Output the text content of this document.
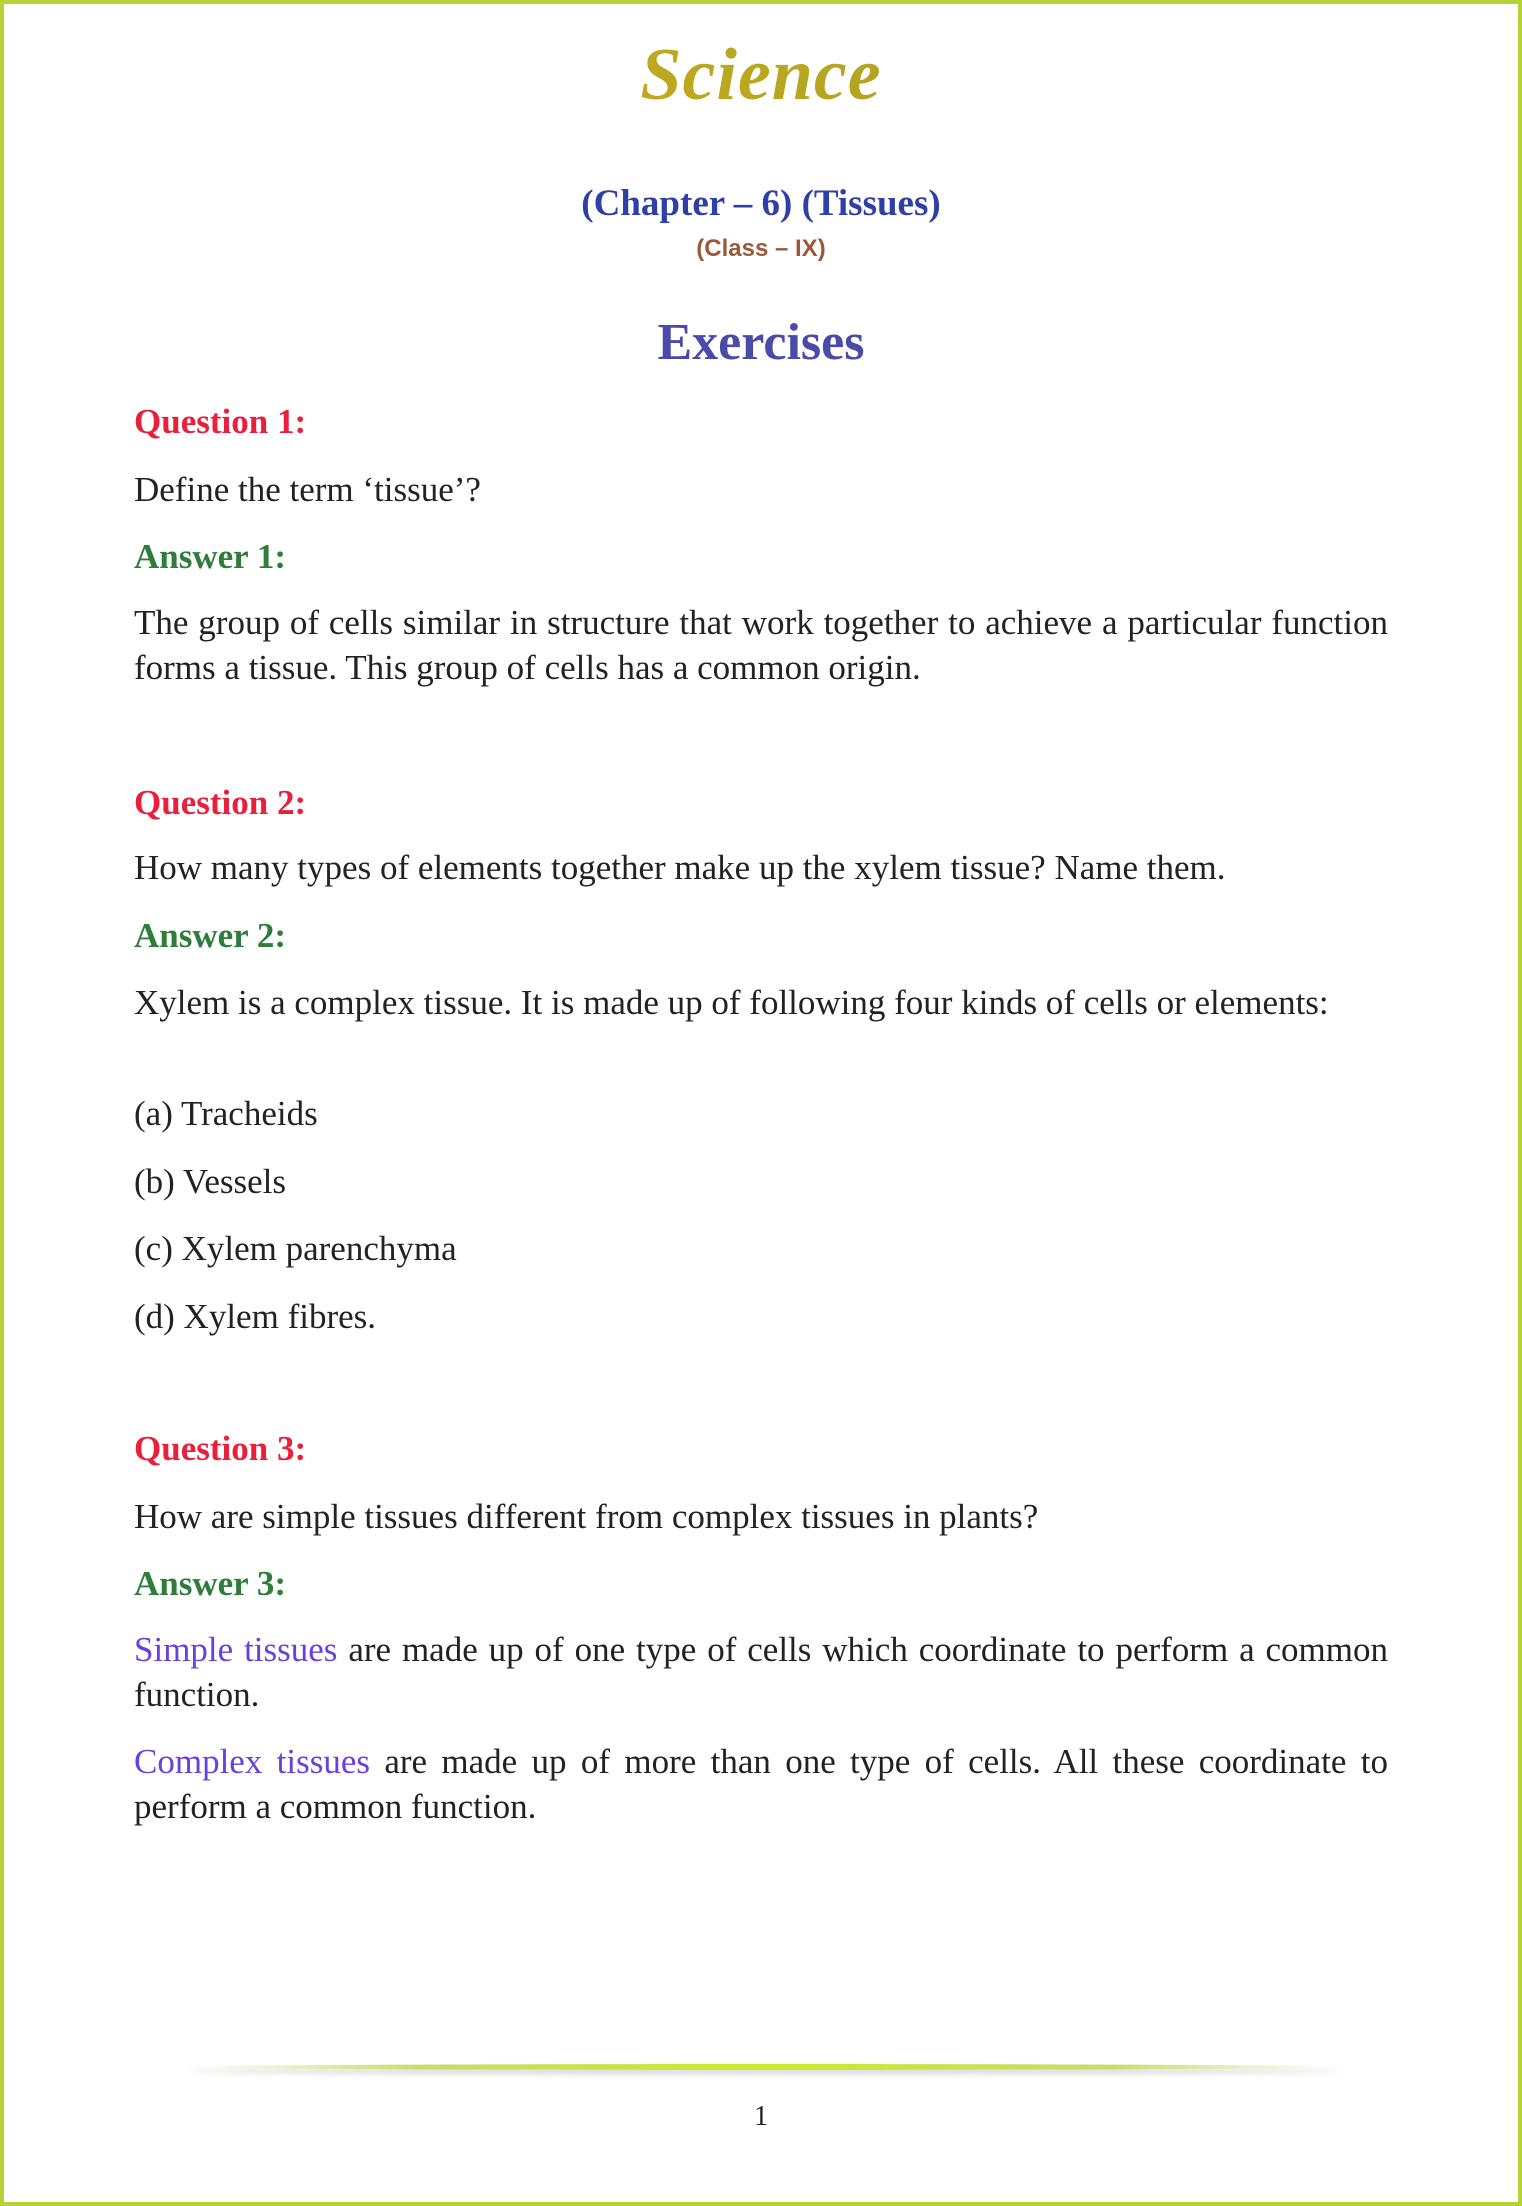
Science
(Chapter – 6) (Tissues)
(Class – IX)
Exercises
Question 1:
Define the term ‘tissue’?
Answer 1:
The group of cells similar in structure that work together to achieve a particular function forms a tissue. This group of cells has a common origin.
Question 2:
How many types of elements together make up the xylem tissue? Name them.
Answer 2:
Xylem is a complex tissue. It is made up of following four kinds of cells or elements:
(a) Tracheids
(b) Vessels
(c) Xylem parenchyma
(d) Xylem fibres.
Question 3:
How are simple tissues different from complex tissues in plants?
Answer 3:
Simple tissues are made up of one type of cells which coordinate to perform a common function.
Complex tissues are made up of more than one type of cells. All these coordinate to perform a common function.
1
